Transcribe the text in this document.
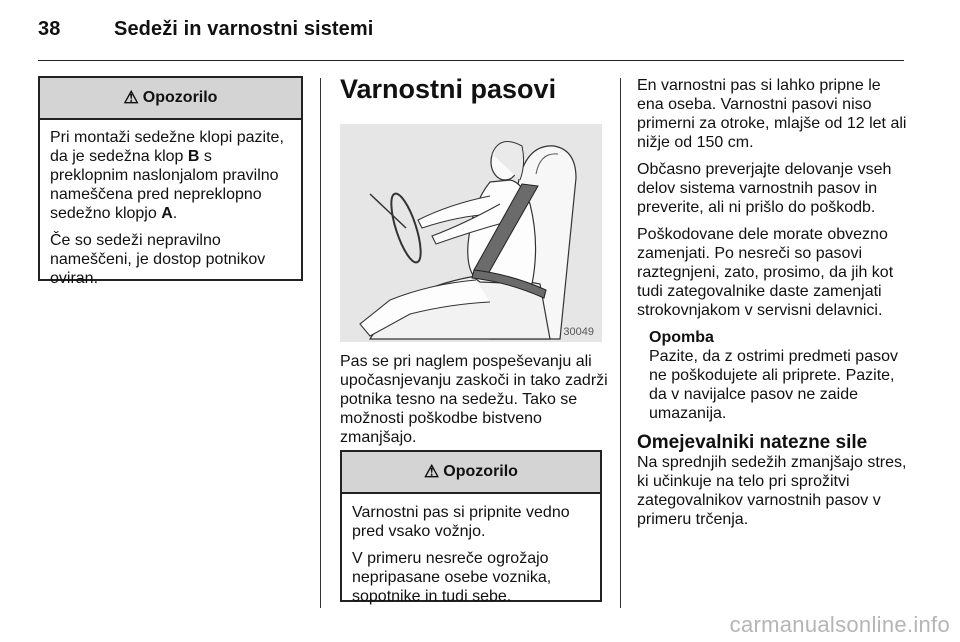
38	Sedeži in varnostni sistemi
⚠ Opozorilo

Pri montaži sedežne klopi pazite, da je sedežna klop B s preklopnim naslonjalom pravilno nameščena pred nepreklopno sedežno klopjo A.

Če so sedeži nepravilno nameščeni, je dostop potnikov oviran.

Varnostni pasovi
30049

Pas se pri naglem pospeševanju ali upočasnjevanju zaskoči in tako zadrži potnika tesno na sedežu. Tako se možnosti poškodbe bistveno zmanjšajo.

⚠ Opozorilo

Varnostni pas si pripnite vedno pred vsako vožnjo.

V primeru nesreče ogrožajo nepripasane osebe voznika, sopotnike in tudi sebe.

En varnostni pas si lahko pripne le ena oseba. Varnostni pasovi niso primerni za otroke, mlajše od 12 let ali nižje od 150 cm.

Občasno preverjajte delovanje vseh delov sistema varnostnih pasov in preverite, ali ni prišlo do poškodb.

Poškodovane dele morate obvezno zamenjati. Po nesreči so pasovi raztegnjeni, zato, prosimo, da jih kot tudi zategovalnike daste zamenjati strokovnjakom v servisni delavnici.

Opomba

Pazite, da z ostrimi predmeti pasov ne poškodujete ali priprete. Pazite, da v navijalce pasov ne zaide umazanija.

Omejevalniki natezne sile

Na sprednjih sedežih zmanjšajo stres, ki učinkuje na telo pri sprožitvi zategovalnikov varnostnih pasov v primeru trčenja.

carmanualsonline.info
